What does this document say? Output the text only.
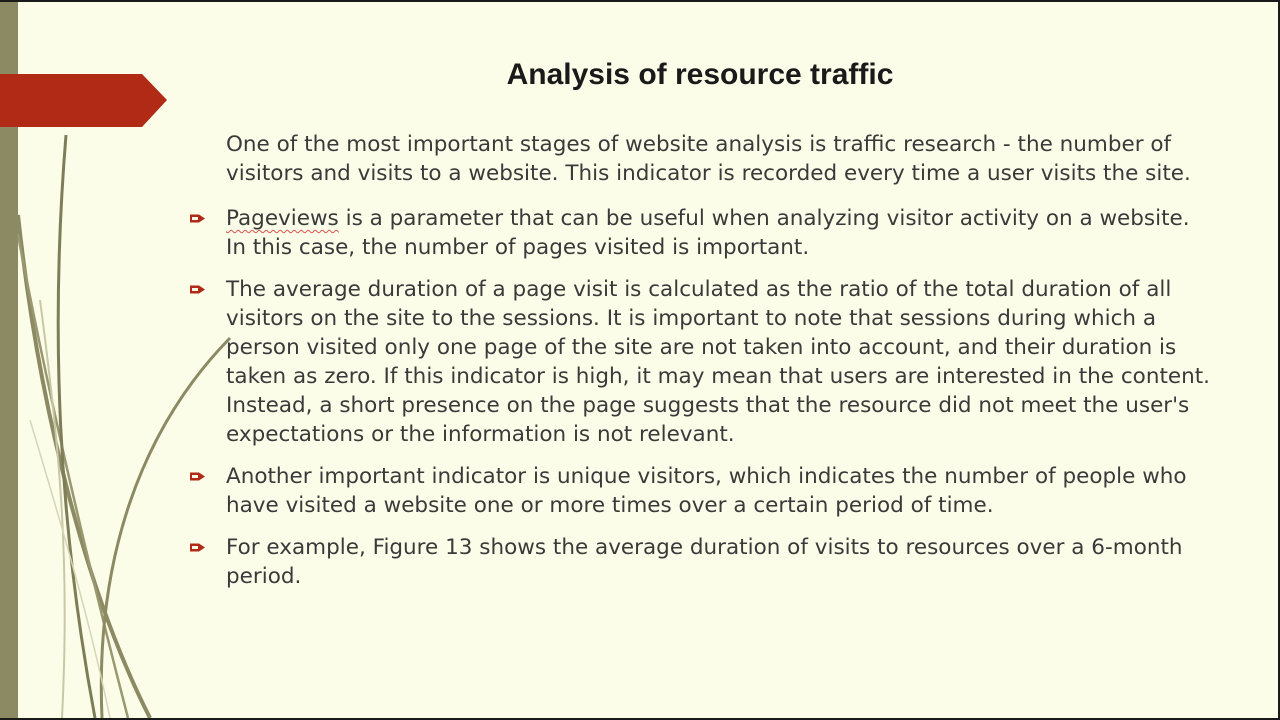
Analysis of resource traffic

One of the most important stages of website analysis is traffic research - the number of visitors and visits to a website. This indicator is recorded every time a user visits the site.

Pageviews is a parameter that can be useful when analyzing visitor activity on a website. In this case, the number of pages visited is important.
The average duration of a page visit is calculated as the ratio of the total duration of all visitors on the site to the sessions. It is important to note that sessions during which a person visited only one page of the site are not taken into account, and their duration is taken as zero. If this indicator is high, it may mean that users are interested in the content. Instead, a short presence on the page suggests that the resource did not meet the user's expectations or the information is not relevant.
Another important indicator is unique visitors, which indicates the number of people who have visited a website one or more times over a certain period of time.
For example, Figure 13 shows the average duration of visits to resources over a 6-month period.
